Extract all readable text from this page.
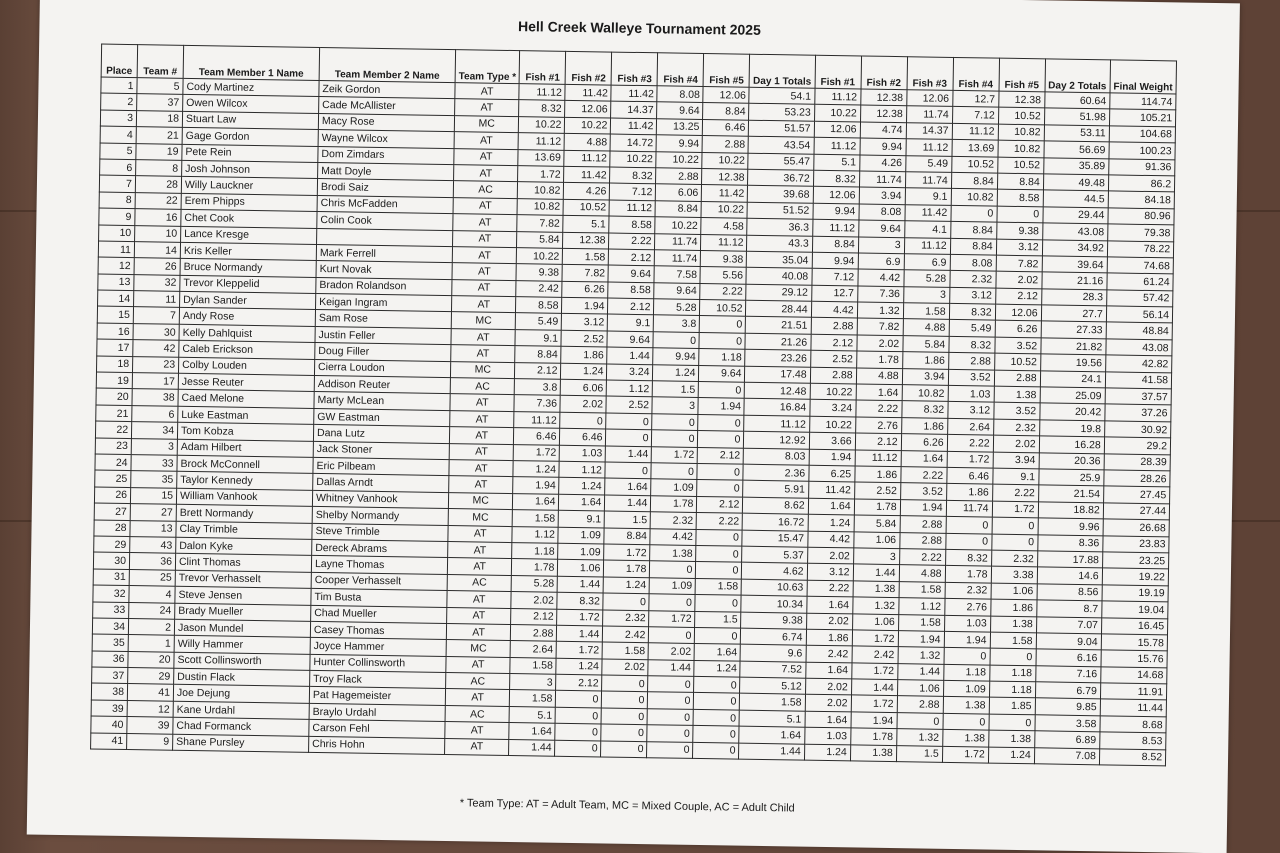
Hell Creek Walleye Tournament 2025
Place	Team #	Team Member 1 Name	Team Member 2 Name	Team Type *	Fish #1	Fish #2	Fish #3	Fish #4	Fish #5	Day 1 Totals	Fish #1	Fish #2	Fish #3	Fish #4	Fish #5	Day 2 Totals	Final Weight
1	5	Cody Martinez	Zeik Gordon	AT	11.12	11.42	11.42	8.08	12.06	54.1	11.12	12.38	12.06	12.7	12.38	60.64	114.74
2	37	Owen Wilcox	Cade McAllister	AT	8.32	12.06	14.37	9.64	8.84	53.23	10.22	12.38	11.74	7.12	10.52	51.98	105.21
3	18	Stuart Law	Macy Rose	MC	10.22	10.22	11.42	13.25	6.46	51.57	12.06	4.74	14.37	11.12	10.82	53.11	104.68
4	21	Gage Gordon	Wayne Wilcox	AT	11.12	4.88	14.72	9.94	2.88	43.54	11.12	9.94	11.12	13.69	10.82	56.69	100.23
5	19	Pete Rein	Dom Zimdars	AT	13.69	11.12	10.22	10.22	10.22	55.47	5.1	4.26	5.49	10.52	10.52	35.89	91.36
6	8	Josh Johnson	Matt Doyle	AT	1.72	11.42	8.32	2.88	12.38	36.72	8.32	11.74	11.74	8.84	8.84	49.48	86.2
7	28	Willy Lauckner	Brodi Saiz	AC	10.82	4.26	7.12	6.06	11.42	39.68	12.06	3.94	9.1	10.82	8.58	44.5	84.18
8	22	Erem Phipps	Chris McFadden	AT	10.82	10.52	11.12	8.84	10.22	51.52	9.94	8.08	11.42	0	0	29.44	80.96
9	16	Chet Cook	Colin Cook	AT	7.82	5.1	8.58	10.22	4.58	36.3	11.12	9.64	4.1	8.84	9.38	43.08	79.38
10	10	Lance Kresge		AT	5.84	12.38	2.22	11.74	11.12	43.3	8.84	3	11.12	8.84	3.12	34.92	78.22
11	14	Kris Keller	Mark Ferrell	AT	10.22	1.58	2.12	11.74	9.38	35.04	9.94	6.9	6.9	8.08	7.82	39.64	74.68
12	26	Bruce Normandy	Kurt Novak	AT	9.38	7.82	9.64	7.58	5.56	40.08	7.12	4.42	5.28	2.32	2.02	21.16	61.24
13	32	Trevor Kleppelid	Bradon Rolandson	AT	2.42	6.26	8.58	9.64	2.22	29.12	12.7	7.36	3	3.12	2.12	28.3	57.42
14	11	Dylan Sander	Keigan Ingram	AT	8.58	1.94	2.12	5.28	10.52	28.44	4.42	1.32	1.58	8.32	12.06	27.7	56.14
15	7	Andy Rose	Sam Rose	MC	5.49	3.12	9.1	3.8	0	21.51	2.88	7.82	4.88	5.49	6.26	27.33	48.84
16	30	Kelly Dahlquist	Justin Feller	AT	9.1	2.52	9.64	0	0	21.26	2.12	2.02	5.84	8.32	3.52	21.82	43.08
17	42	Caleb Erickson	Doug Filler	AT	8.84	1.86	1.44	9.94	1.18	23.26	2.52	1.78	1.86	2.88	10.52	19.56	42.82
18	23	Colby Louden	Cierra Loudon	MC	2.12	1.24	3.24	1.24	9.64	17.48	2.88	4.88	3.94	3.52	2.88	24.1	41.58
19	17	Jesse Reuter	Addison Reuter	AC	3.8	6.06	1.12	1.5	0	12.48	10.22	1.64	10.82	1.03	1.38	25.09	37.57
20	38	Caed Melone	Marty McLean	AT	7.36	2.02	2.52	3	1.94	16.84	3.24	2.22	8.32	3.12	3.52	20.42	37.26
21	6	Luke Eastman	GW Eastman	AT	11.12	0	0	0	0	11.12	10.22	2.76	1.86	2.64	2.32	19.8	30.92
22	34	Tom Kobza	Dana Lutz	AT	6.46	6.46	0	0	0	12.92	3.66	2.12	6.26	2.22	2.02	16.28	29.2
23	3	Adam Hilbert	Jack Stoner	AT	1.72	1.03	1.44	1.72	2.12	8.03	1.94	11.12	1.64	1.72	3.94	20.36	28.39
24	33	Brock McConnell	Eric Pilbeam	AT	1.24	1.12	0	0	0	2.36	6.25	1.86	2.22	6.46	9.1	25.9	28.26
25	35	Taylor Kennedy	Dallas Arndt	AT	1.94	1.24	1.64	1.09	0	5.91	11.42	2.52	3.52	1.86	2.22	21.54	27.45
26	15	William Vanhook	Whitney Vanhook	MC	1.64	1.64	1.44	1.78	2.12	8.62	1.64	1.78	1.94	11.74	1.72	18.82	27.44
27	27	Brett Normandy	Shelby Normandy	MC	1.58	9.1	1.5	2.32	2.22	16.72	1.24	5.84	2.88	0	0	9.96	26.68
28	13	Clay Trimble	Steve Trimble	AT	1.12	1.09	8.84	4.42	0	15.47	4.42	1.06	2.88	0	0	8.36	23.83
29	43	Dalon Kyke	Dereck Abrams	AT	1.18	1.09	1.72	1.38	0	5.37	2.02	3	2.22	8.32	2.32	17.88	23.25
30	36	Clint Thomas	Layne Thomas	AT	1.78	1.06	1.78	0	0	4.62	3.12	1.44	4.88	1.78	3.38	14.6	19.22
31	25	Trevor Verhasselt	Cooper Verhasselt	AC	5.28	1.44	1.24	1.09	1.58	10.63	2.22	1.38	1.58	2.32	1.06	8.56	19.19
32	4	Steve Jensen	Tim Busta	AT	2.02	8.32	0	0	0	10.34	1.64	1.32	1.12	2.76	1.86	8.7	19.04
33	24	Brady Mueller	Chad Mueller	AT	2.12	1.72	2.32	1.72	1.5	9.38	2.02	1.06	1.58	1.03	1.38	7.07	16.45
34	2	Jason Mundel	Casey Thomas	AT	2.88	1.44	2.42	0	0	6.74	1.86	1.72	1.94	1.94	1.58	9.04	15.78
35	1	Willy Hammer	Joyce Hammer	MC	2.64	1.72	1.58	2.02	1.64	9.6	2.42	2.42	1.32	0	0	6.16	15.76
36	20	Scott Collinsworth	Hunter Collinsworth	AT	1.58	1.24	2.02	1.44	1.24	7.52	1.64	1.72	1.44	1.18	1.18	7.16	14.68
37	29	Dustin Flack	Troy Flack	AC	3	2.12	0	0	0	5.12	2.02	1.44	1.06	1.09	1.18	6.79	11.91
38	41	Joe Dejung	Pat Hagemeister	AT	1.58	0	0	0	0	1.58	2.02	1.72	2.88	1.38	1.85	9.85	11.44
39	12	Kane Urdahl	Braylo Urdahl	AC	5.1	0	0	0	0	5.1	1.64	1.94	0	0	0	3.58	8.68
40	39	Chad Formanck	Carson Fehl	AT	1.64	0	0	0	0	1.64	1.03	1.78	1.32	1.38	1.38	6.89	8.53
41	9	Shane Pursley	Chris Hohn	AT	1.44	0	0	0	0	1.44	1.24	1.38	1.5	1.72	1.24	7.08	8.52
* Team Type: AT = Adult Team, MC = Mixed Couple, AC = Adult Child
